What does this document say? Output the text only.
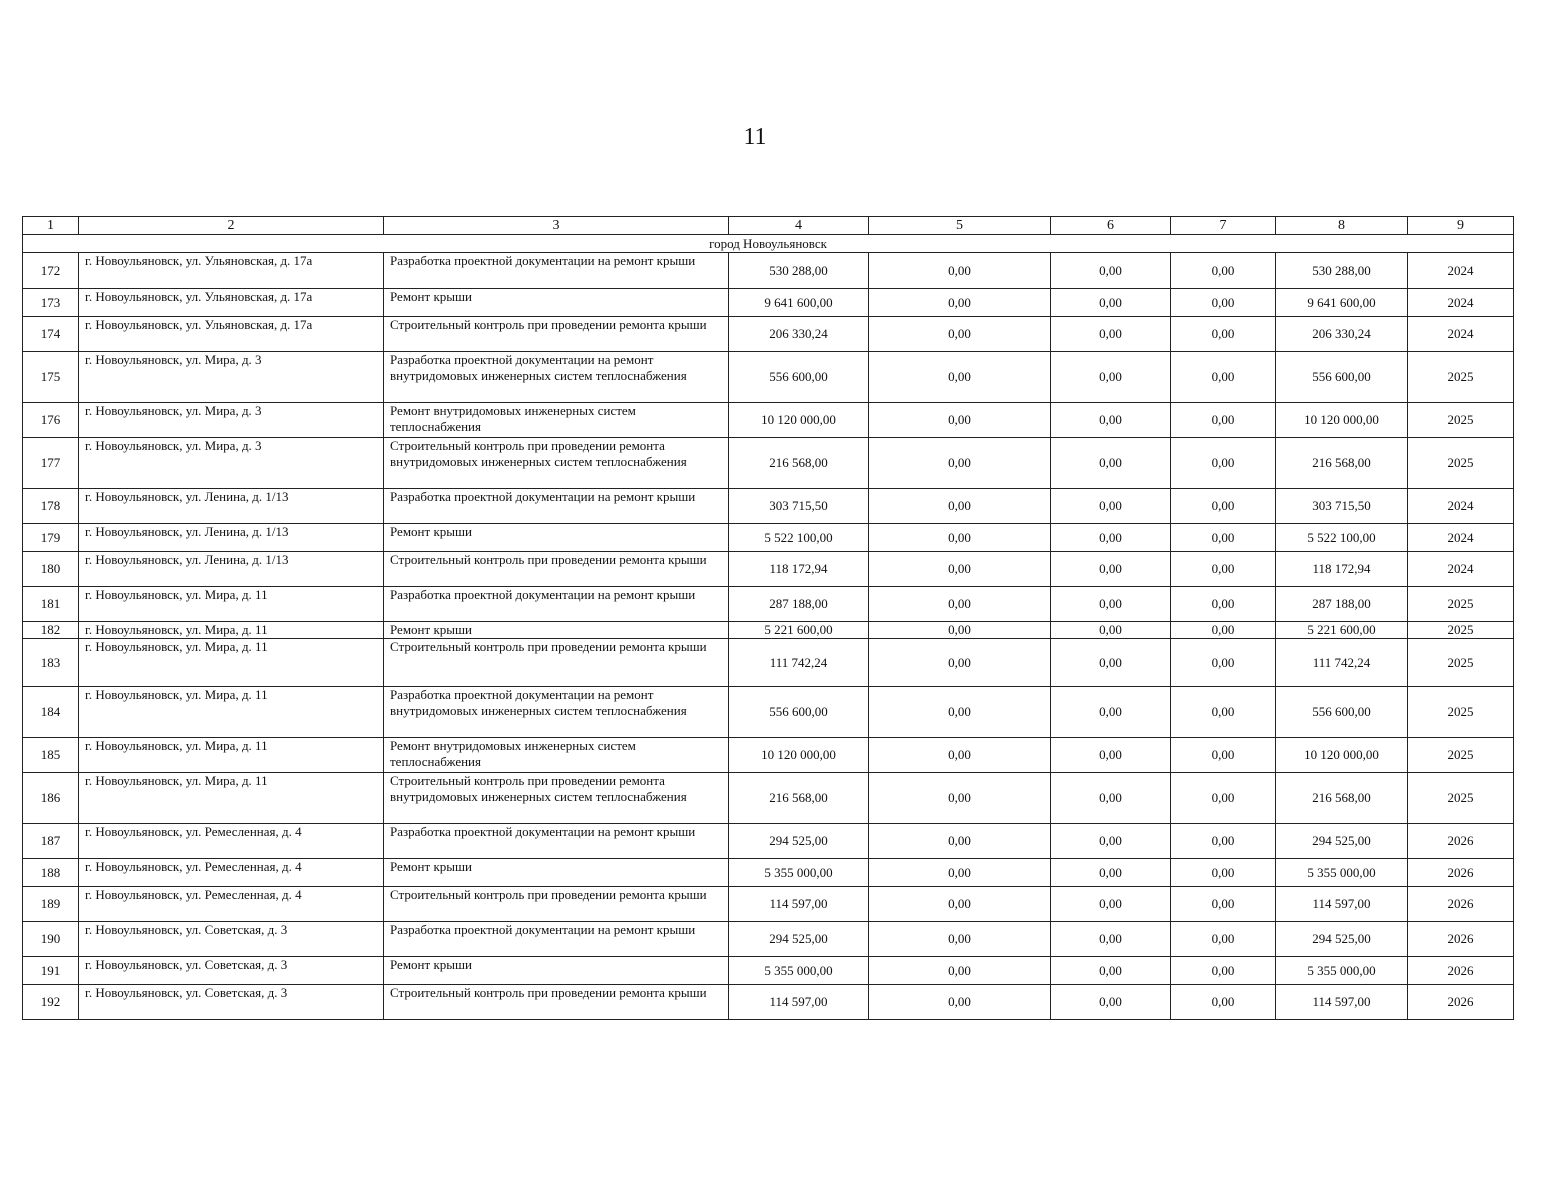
11
1	2	3	4	5	6	7	8	9
город Новоульяновск								
172	г. Новоульяновск, ул. Ульяновская, д. 17а	Разработка проектной документации на ремонт крыши	530 288,00	0,00	0,00	0,00	530 288,00	2024
173	г. Новоульяновск, ул. Ульяновская, д. 17а	Ремонт крыши	9 641 600,00	0,00	0,00	0,00	9 641 600,00	2024
174	г. Новоульяновск, ул. Ульяновская, д. 17а	Строительный контроль при проведении ремонта крыши	206 330,24	0,00	0,00	0,00	206 330,24	2024
175	г. Новоульяновск, ул. Мира, д. 3	Разработка проектной документации на ремонт внутридомовых инженерных систем теплоснабжения	556 600,00	0,00	0,00	0,00	556 600,00	2025
176	г. Новоульяновск, ул. Мира, д. 3	Ремонт внутридомовых инженерных систем теплоснабжения	10 120 000,00	0,00	0,00	0,00	10 120 000,00	2025
177	г. Новоульяновск, ул. Мира, д. 3	Строительный контроль при проведении ремонта внутридомовых инженерных систем теплоснабжения	216 568,00	0,00	0,00	0,00	216 568,00	2025
178	г. Новоульяновск, ул. Ленина, д. 1/13	Разработка проектной документации на ремонт крыши	303 715,50	0,00	0,00	0,00	303 715,50	2024
179	г. Новоульяновск, ул. Ленина, д. 1/13	Ремонт крыши	5 522 100,00	0,00	0,00	0,00	5 522 100,00	2024
180	г. Новоульяновск, ул. Ленина, д. 1/13	Строительный контроль при проведении ремонта крыши	118 172,94	0,00	0,00	0,00	118 172,94	2024
181	г. Новоульяновск, ул. Мира, д. 11	Разработка проектной документации на ремонт крыши	287 188,00	0,00	0,00	0,00	287 188,00	2025
182	г. Новоульяновск, ул. Мира, д. 11	Ремонт крыши	5 221 600,00	0,00	0,00	0,00	5 221 600,00	2025
183	г. Новоульяновск, ул. Мира, д. 11	Строительный контроль при проведении ремонта крыши	111 742,24	0,00	0,00	0,00	111 742,24	2025
184	г. Новоульяновск, ул. Мира, д. 11	Разработка проектной документации на ремонт внутридомовых инженерных систем теплоснабжения	556 600,00	0,00	0,00	0,00	556 600,00	2025
185	г. Новоульяновск, ул. Мира, д. 11	Ремонт внутридомовых инженерных систем теплоснабжения	10 120 000,00	0,00	0,00	0,00	10 120 000,00	2025
186	г. Новоульяновск, ул. Мира, д. 11	Строительный контроль при проведении ремонта внутридомовых инженерных систем теплоснабжения	216 568,00	0,00	0,00	0,00	216 568,00	2025
187	г. Новоульяновск, ул. Ремесленная, д. 4	Разработка проектной документации на ремонт крыши	294 525,00	0,00	0,00	0,00	294 525,00	2026
188	г. Новоульяновск, ул. Ремесленная, д. 4	Ремонт крыши	5 355 000,00	0,00	0,00	0,00	5 355 000,00	2026
189	г. Новоульяновск, ул. Ремесленная, д. 4	Строительный контроль при проведении ремонта крыши	114 597,00	0,00	0,00	0,00	114 597,00	2026
190	г. Новоульяновск, ул. Советская, д. 3	Разработка проектной документации на ремонт крыши	294 525,00	0,00	0,00	0,00	294 525,00	2026
191	г. Новоульяновск, ул. Советская, д. 3	Ремонт крыши	5 355 000,00	0,00	0,00	0,00	5 355 000,00	2026
192	г. Новоульяновск, ул. Советская, д. 3	Строительный контроль при проведении ремонта крыши	114 597,00	0,00	0,00	0,00	114 597,00	2026
